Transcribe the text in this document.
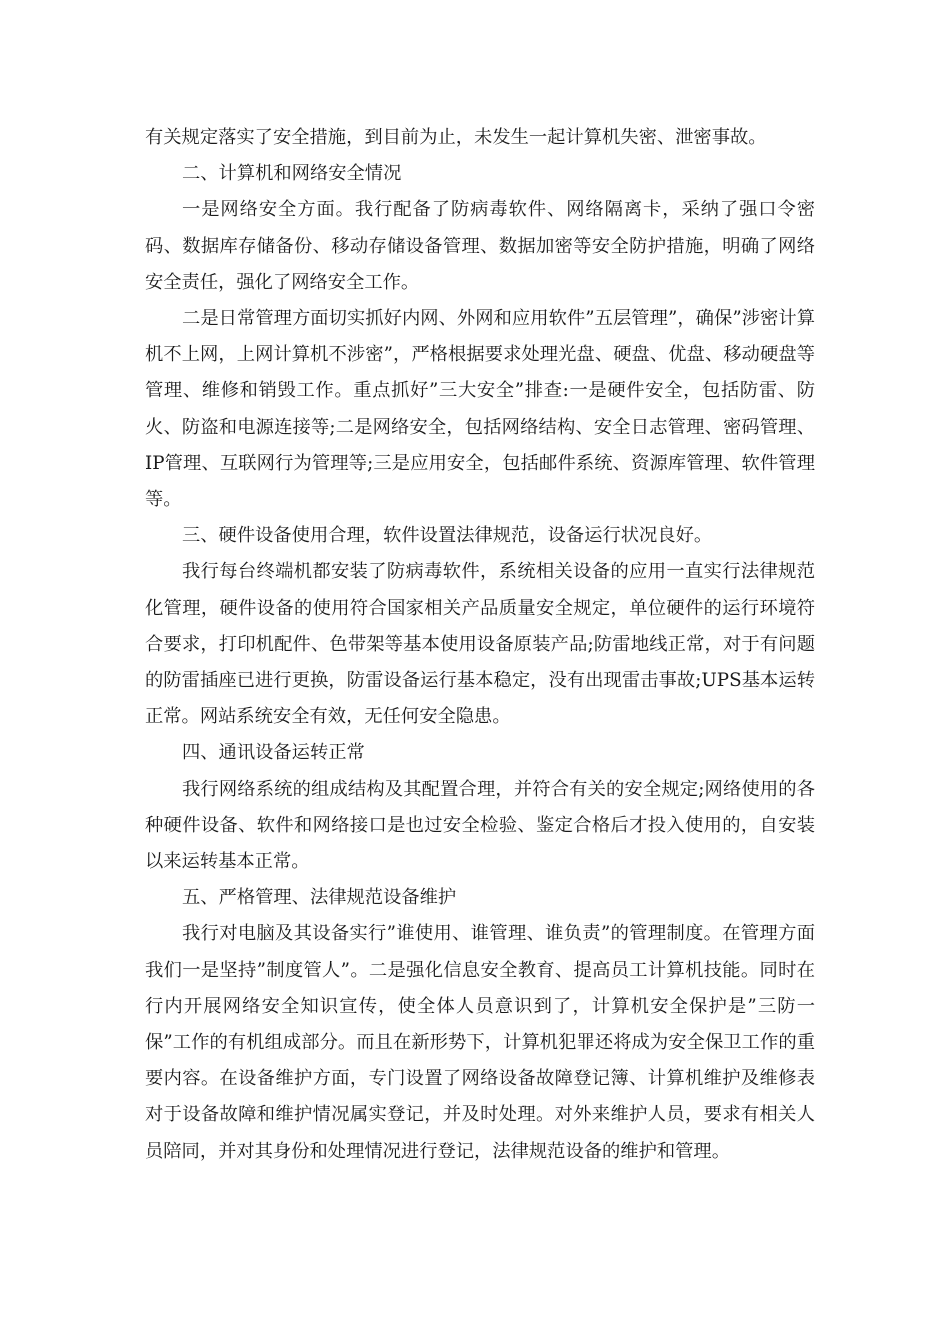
有关规定落实了安全措施，到目前为止，未发生一起计算机失密、泄密事故。

二、计算机和网络安全情况

一是网络安全方面。我行配备了防病毒软件、网络隔离卡，采纳了强口令密码、数据库存储备份、移动存储设备管理、数据加密等安全防护措施，明确了网络安全责任，强化了网络安全工作。

二是日常管理方面切实抓好内网、外网和应用软件”五层管理”，确保”涉密计算机不上网，上网计算机不涉密”，严格根据要求处理光盘、硬盘、优盘、移动硬盘等管理、维修和销毁工作。重点抓好”三大安全”排查:一是硬件安全，包括防雷、防火、防盗和电源连接等;二是网络安全，包括网络结构、安全日志管理、密码管理、IP管理、互联网行为管理等;三是应用安全，包括邮件系统、资源库管理、软件管理等。

三、硬件设备使用合理，软件设置法律规范，设备运行状况良好。

我行每台终端机都安装了防病毒软件，系统相关设备的应用一直实行法律规范化管理，硬件设备的使用符合国家相关产品质量安全规定，单位硬件的运行环境符合要求，打印机配件、色带架等基本使用设备原装产品;防雷地线正常，对于有问题的防雷插座已进行更换，防雷设备运行基本稳定，没有出现雷击事故;UPS基本运转正常。网站系统安全有效，无任何安全隐患。

四、通讯设备运转正常

我行网络系统的组成结构及其配置合理，并符合有关的安全规定;网络使用的各种硬件设备、软件和网络接口是也过安全检验、鉴定合格后才投入使用的，自安装以来运转基本正常。

五、严格管理、法律规范设备维护

我行对电脑及其设备实行”谁使用、谁管理、谁负责”的管理制度。在管理方面我们一是坚持”制度管人”。二是强化信息安全教育、提高员工计算机技能。同时在行内开展网络安全知识宣传，使全体人员意识到了，计算机安全保护是”三防一保”工作的有机组成部分。而且在新形势下，计算机犯罪还将成为安全保卫工作的重要内容。在设备维护方面，专门设置了网络设备故障登记簿、计算机维护及维修表对于设备故障和维护情况属实登记，并及时处理。对外来维护人员，要求有相关人员陪同，并对其身份和处理情况进行登记，法律规范设备的维护和管理。
